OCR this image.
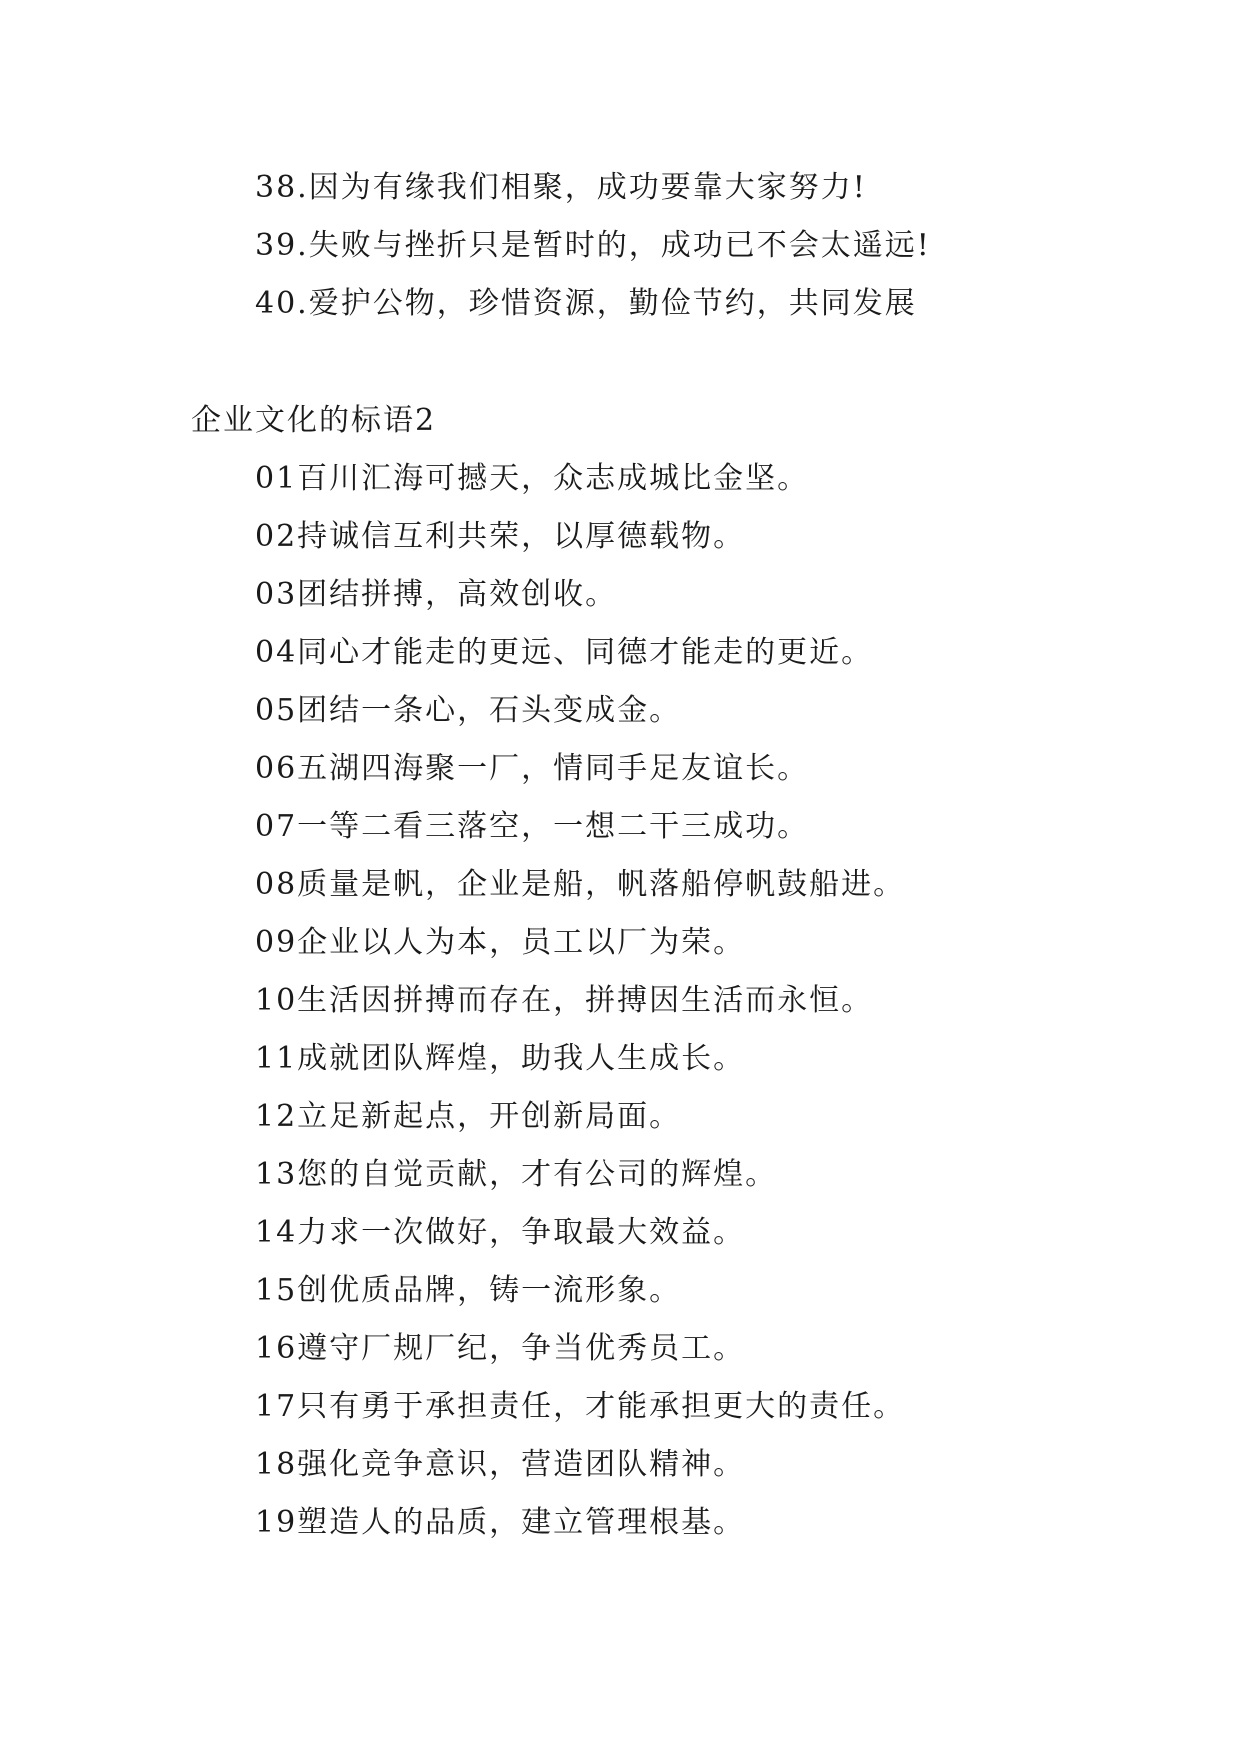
38.因为有缘我们相聚，成功要靠大家努力!
39.失败与挫折只是暂时的，成功已不会太遥远!
40.爱护公物，珍惜资源，勤俭节约，共同发展
企业文化的标语2
01百川汇海可撼天，众志成城比金坚。
02持诚信互利共荣，以厚德载物。
03团结拼搏，高效创收。
04同心才能走的更远、同德才能走的更近。
05团结一条心，石头变成金。
06五湖四海聚一厂，情同手足友谊长。
07一等二看三落空，一想二干三成功。
08质量是帆，企业是船，帆落船停帆鼓船进。
09企业以人为本，员工以厂为荣。
10生活因拼搏而存在，拼搏因生活而永恒。
11成就团队辉煌，助我人生成长。
12立足新起点，开创新局面。
13您的自觉贡献，才有公司的辉煌。
14力求一次做好，争取最大效益。
15创优质品牌，铸一流形象。
16遵守厂规厂纪，争当优秀员工。
17只有勇于承担责任，才能承担更大的责任。
18强化竞争意识，营造团队精神。
19塑造人的品质，建立管理根基。
